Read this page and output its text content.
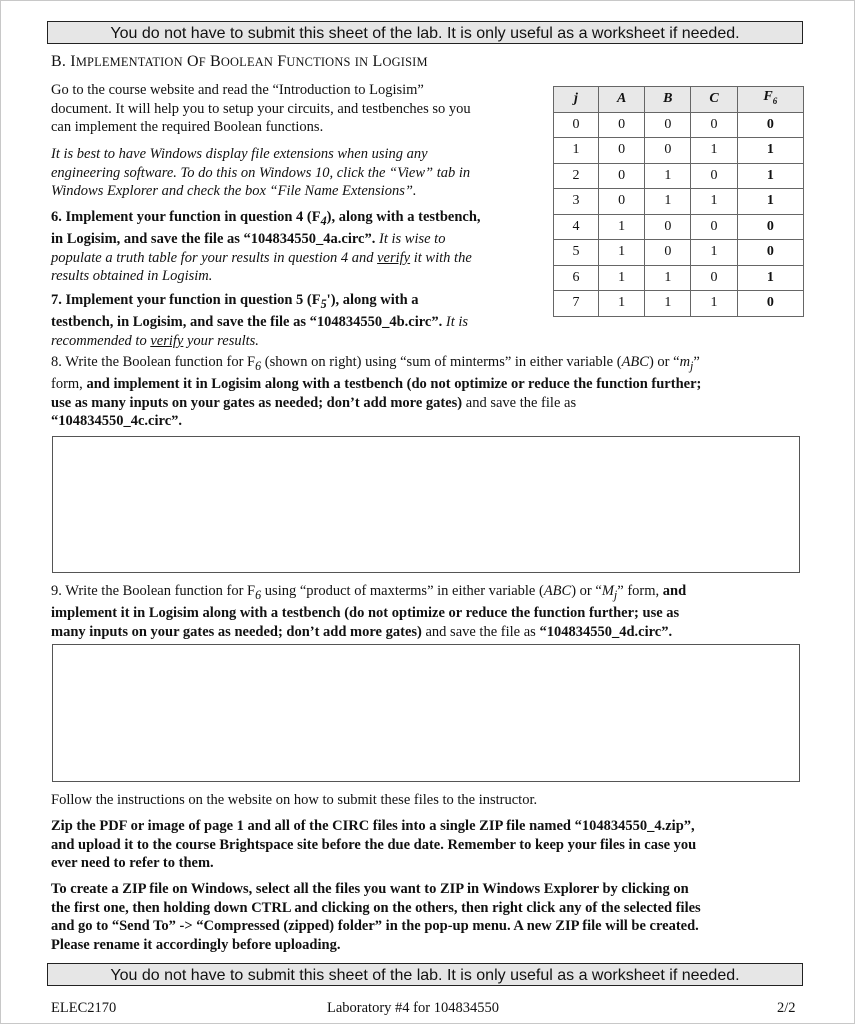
You do not have to submit this sheet of the lab. It is only useful as a worksheet if needed.
B. IMPLEMENTATION OF BOOLEAN FUNCTIONS IN LOGISIM
Go to the course website and read the “Introduction to Logisim”
document. It will help you to setup your circuits, and testbenches so you
can implement the required Boolean functions.
It is best to have Windows display file extensions when using any
engineering software. To do this on Windows 10, click the “View” tab in
Windows Explorer and check the box “File Name Extensions”.
6. Implement your function in question 4 $(F_4)$, along with a testbench,
in Logisim, and save the file as “104834550_4a.circ”. It is wise to
populate a truth table for your results in question 4 and verify it with the
results obtained in Logisim.
7. Implement your function in question 5 $(F_5')$, along with a
testbench, in Logisim, and save the file as “104834550_4b.circ”. It is
recommended to verify your results.
j	A	B	C	$F_6$
0	0	0	0	0
1	0	0	1	1
2	0	1	0	1
3	0	1	1	1
4	1	0	0	0
5	1	0	1	0
6	1	1	0	1
7	1	1	1	0
8. Write the Boolean function for $F_6$ (shown on right) using “sum of minterms” in either variable (ABC) or “$m_j$”
form, and implement it in Logisim along with a testbench (do not optimize or reduce the function further;
use as many inputs on your gates as needed; don’t add more gates) and save the file as
“104834550_4c.circ”.
9. Write the Boolean function for $F_6$ using “product of maxterms” in either variable (ABC) or “$M_j$” form, and
implement it in Logisim along with a testbench (do not optimize or reduce the function further; use as
many inputs on your gates as needed; don’t add more gates) and save the file as “104834550_4d.circ”.
Follow the instructions on the website on how to submit these files to the instructor.
Zip the PDF or image of page 1 and all of the CIRC files into a single ZIP file named “104834550_4.zip”,
and upload it to the course Brightspace site before the due date. Remember to keep your files in case you
ever need to refer to them.
To create a ZIP file on Windows, select all the files you want to ZIP in Windows Explorer by clicking on
the first one, then holding down CTRL and clicking on the others, then right click any of the selected files
and go to “Send To” -> “Compressed (zipped) folder” in the pop-up menu. A new ZIP file will be created.
Please rename it accordingly before uploading.
You do not have to submit this sheet of the lab. It is only useful as a worksheet if needed.
ELEC2170	Laboratory #4 for 104834550	2/2
